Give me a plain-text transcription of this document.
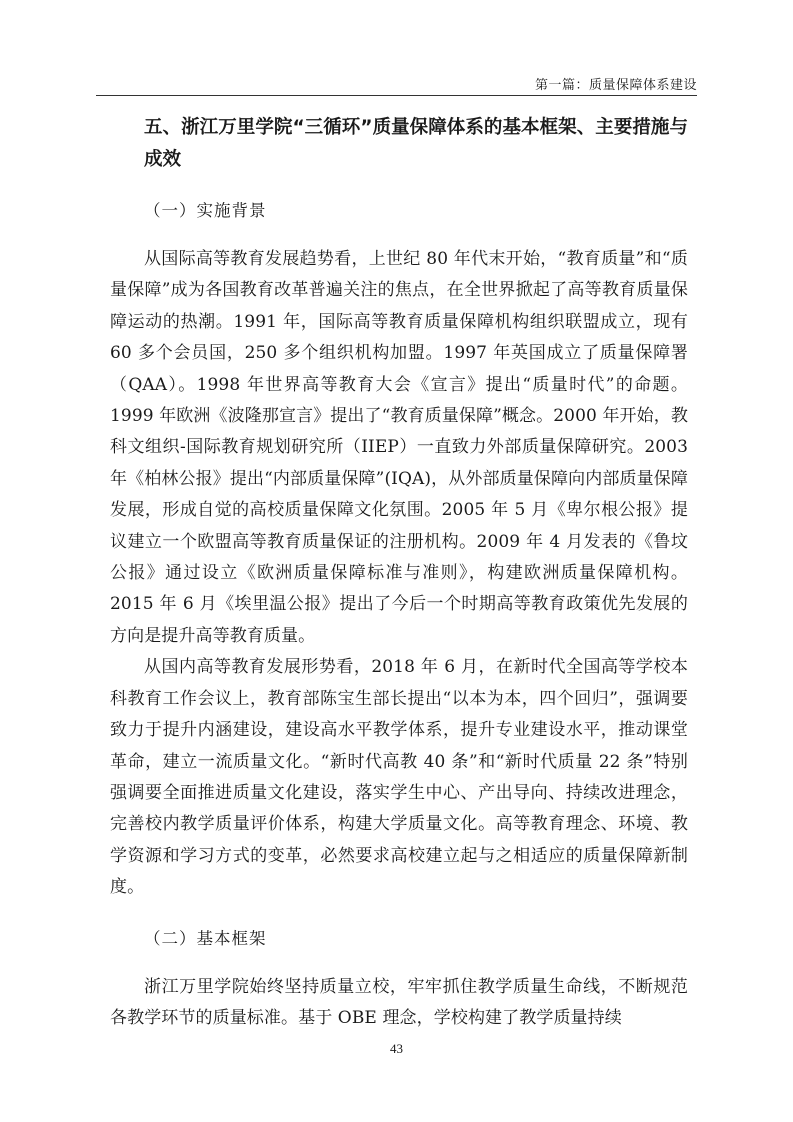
第一篇：质量保障体系建设
五、浙江万里学院“三循环”质量保障体系的基本框架、主要措施与成效
（一）实施背景

从国际高等教育发展趋势看，上世纪 80 年代末开始，“教育质量”和“质量保障”成为各国教育改革普遍关注的焦点，在全世界掀起了高等教育质量保障运动的热潮。1991 年，国际高等教育质量保障机构组织联盟成立，现有 60 多个会员国，250 多个组织机构加盟。1997 年英国成立了质量保障署（QAA）。1998 年世界高等教育大会《宣言》提出“质量时代”的命题。1999 年欧洲《波隆那宣言》提出了“教育质量保障”概念。2000 年开始，教科文组织-国际教育规划研究所（IIEP）一直致力外部质量保障研究。2003 年《柏林公报》提出“内部质量保障”(IQA)，从外部质量保障向内部质量保障发展，形成自觉的高校质量保障文化氛围。2005 年 5 月《卑尔根公报》提议建立一个欧盟高等教育质量保证的注册机构。2009 年 4 月发表的《鲁坟公报》通过设立《欧洲质量保障标准与准则》，构建欧洲质量保障机构。2015 年 6 月《埃里温公报》提出了今后一个时期高等教育政策优先发展的方向是提升高等教育质量。

从国内高等教育发展形势看，2018 年 6 月，在新时代全国高等学校本科教育工作会议上，教育部陈宝生部长提出“以本为本，四个回归”，强调要致力于提升内涵建设，建设高水平教学体系，提升专业建设水平，推动课堂革命，建立一流质量文化。“新时代高教 40 条”和“新时代质量 22 条”特别强调要全面推进质量文化建设，落实学生中心、产出导向、持续改进理念，完善校内教学质量评价体系，构建大学质量文化。高等教育理念、环境、教学资源和学习方式的变革，必然要求高校建立起与之相适应的质量保障新制度。

（二）基本框架

浙江万里学院始终坚持质量立校，牢牢抓住教学质量生命线，不断规范各教学环节的质量标准。基于 OBE 理念，学校构建了教学质量持续

43
